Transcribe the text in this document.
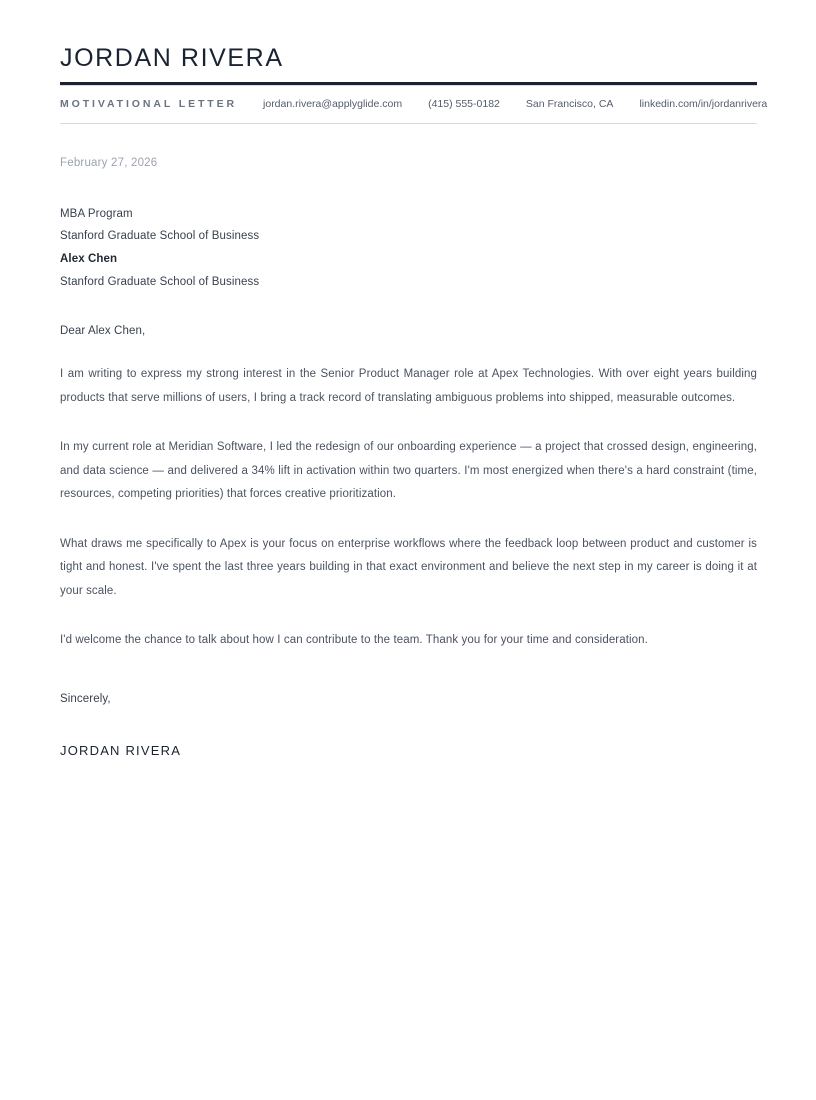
JORDAN RIVERA
MOTIVATIONAL LETTER	jordan.rivera@applyglide.com	(415) 555-0182	San Francisco, CA	linkedin.com/in/jordanrivera
February 27, 2026
MBA Program
Stanford Graduate School of Business
Alex Chen
Stanford Graduate School of Business
Dear Alex Chen,

I am writing to express my strong interest in the Senior Product Manager role at Apex Technologies. With over eight years building products that serve millions of users, I bring a track record of translating ambiguous problems into shipped, measurable outcomes.

In my current role at Meridian Software, I led the redesign of our onboarding experience — a project that crossed design, engineering, and data science — and delivered a 34% lift in activation within two quarters. I'm most energized when there's a hard constraint (time, resources, competing priorities) that forces creative prioritization.

What draws me specifically to Apex is your focus on enterprise workflows where the feedback loop between product and customer is tight and honest. I've spent the last three years building in that exact environment and believe the next step in my career is doing it at your scale.

I'd welcome the chance to talk about how I can contribute to the team. Thank you for your time and consideration.

Sincerely,
JORDAN RIVERA
